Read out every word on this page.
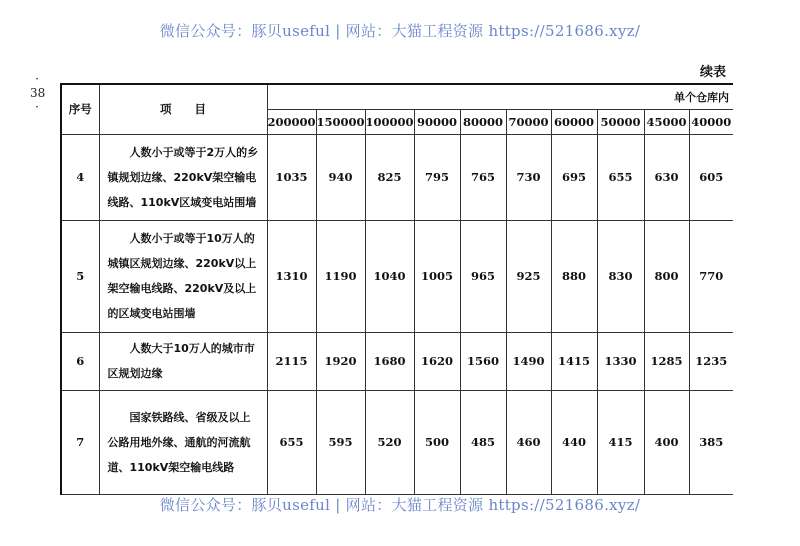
微信公众号：豚贝useful | 网站：大猫工程资源 https://521686.xyz/
· 38 ·
续表
序号	项　　目	单个仓库内									
		200000	150000	100000	90000	80000	70000	60000	50000	45000	40000
4	人数小于或等于2万人的乡镇规划边缘、220kV架空输电线路、110kV区域变电站围墙	1035	940	825	795	765	730	695	655	630	605
5	人数小于或等于10万人的城镇区规划边缘、220kV以上架空输电线路、220kV及以上的区域变电站围墙	1310	1190	1040	1005	965	925	880	830	800	770
6	人数大于10万人的城市市区规划边缘	2115	1920	1680	1620	1560	1490	1415	1330	1285	1235
7	国家铁路线、省级及以上公路用地外缘、通航的河流航道、110kV架空输电线路	655	595	520	500	485	460	440	415	400	385
微信公众号：豚贝useful | 网站：大猫工程资源 https://521686.xyz/
